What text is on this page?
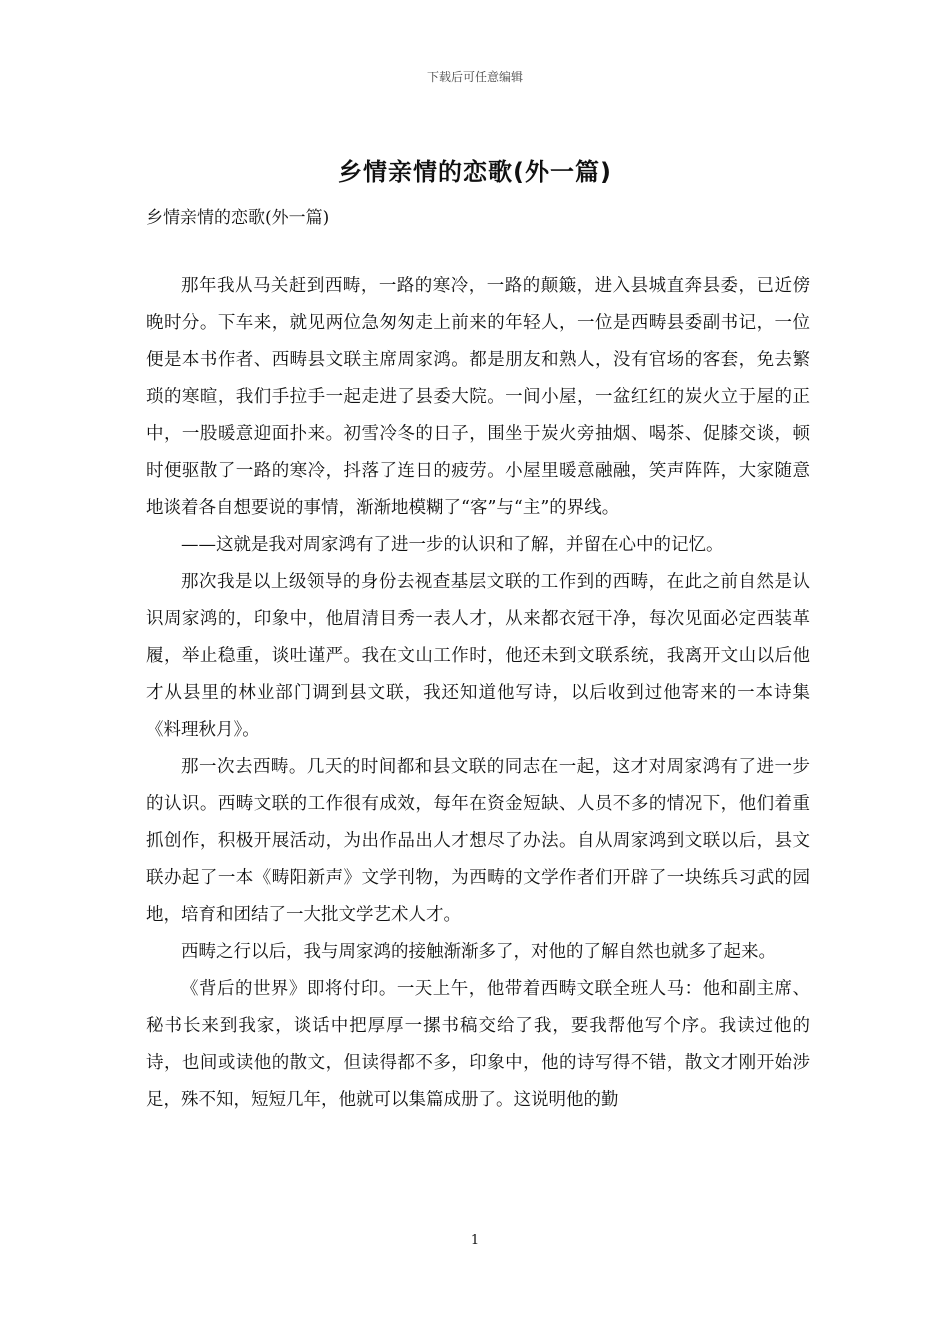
下载后可任意编辑
乡情亲情的恋歌(外一篇)
乡情亲情的恋歌(外一篇)

那年我从马关赶到西畴，一路的寒冷，一路的颠簸，进入县城直奔县委，已近傍晚时分。下车来，就见两位急匆匆走上前来的年轻人，一位是西畴县委副书记，一位便是本书作者、西畴县文联主席周家鸿。都是朋友和熟人，没有官场的客套，免去繁琐的寒暄，我们手拉手一起走进了县委大院。一间小屋，一盆红红的炭火立于屋的正中，一股暖意迎面扑来。初雪冷冬的日子，围坐于炭火旁抽烟、喝茶、促膝交谈，顿时便驱散了一路的寒冷，抖落了连日的疲劳。小屋里暖意融融，笑声阵阵，大家随意地谈着各自想要说的事情，渐渐地模糊了“客”与“主”的界线。

——这就是我对周家鸿有了进一步的认识和了解，并留在心中的记忆。

那次我是以上级领导的身份去视查基层文联的工作到的西畴，在此之前自然是认识周家鸿的，印象中，他眉清目秀一表人才，从来都衣冠干净，每次见面必定西装革履，举止稳重，谈吐谨严。我在文山工作时，他还未到文联系统，我离开文山以后他才从县里的林业部门调到县文联，我还知道他写诗，以后收到过他寄来的一本诗集《料理秋月》。

那一次去西畴。几天的时间都和县文联的同志在一起，这才对周家鸿有了进一步的认识。西畴文联的工作很有成效，每年在资金短缺、人员不多的情况下，他们着重抓创作，积极开展活动，为出作品出人才想尽了办法。自从周家鸿到文联以后，县文联办起了一本《畴阳新声》文学刊物，为西畴的文学作者们开辟了一块练兵习武的园地，培育和团结了一大批文学艺术人才。

西畴之行以后，我与周家鸿的接触渐渐多了，对他的了解自然也就多了起来。

《背后的世界》即将付印。一天上午，他带着西畴文联全班人马：他和副主席、秘书长来到我家，谈话中把厚厚一摞书稿交给了我，要我帮他写个序。我读过他的诗，也间或读他的散文，但读得都不多，印象中，他的诗写得不错，散文才刚开始涉足，殊不知，短短几年，他就可以集篇成册了。这说明他的勤

1
